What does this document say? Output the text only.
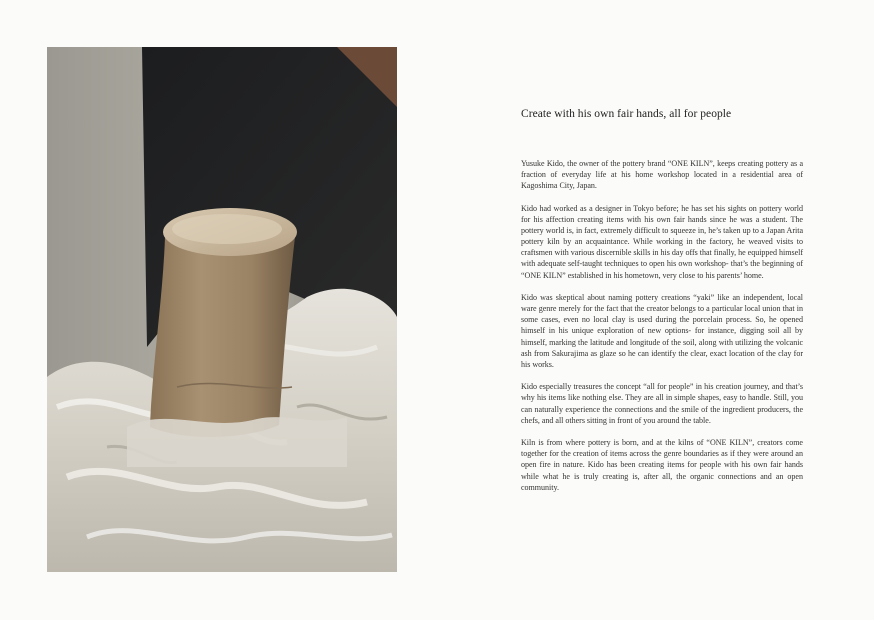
Create with his own fair hands, all for people

Yusuke Kido, the owner of the pottery brand “ONE KILN”, keeps creating pottery as a fraction of everyday life at his home workshop located in a residential area of Kagoshima City, Japan.

Kido had worked as a designer in Tokyo before; he has set his sights on pottery world for his affection creating items with his own fair hands since he was a student. The pottery world is, in fact, extremely difficult to squeeze in, he’s taken up to a Japan Arita pottery kiln by an acquaintance. While working in the factory, he weaved visits to craftsmen with various discernible skills in his day offs that finally, he equipped himself with adequate self-taught techniques to open his own workshop- that’s the beginning of “ONE KILN” established in his hometown, very close to his parents’ home.

Kido was skeptical about naming pottery creations “yaki” like an independent, local ware genre merely for the fact that the creator belongs to a particular local union that in some cases, even no local clay is used during the porcelain process. So, he opened himself in his unique exploration of new options- for instance, digging soil all by himself, marking the latitude and longitude of the soil, along with utilizing the volcanic ash from Sakurajima as glaze so he can identify the clear, exact location of the clay for his works.

Kido especially treasures the concept “all for people” in his creation journey, and that’s why his items like nothing else. They are all in simple shapes, easy to handle. Still, you can naturally experience the connections and the smile of the ingredient producers, the chefs, and all others sitting in front of you around the table.

Kiln is from where pottery is born, and at the kilns of “ONE KILN”, creators come together for the creation of items across the genre boundaries as if they were around an open fire in nature. Kido has been creating items for people with his own fair hands while what he is truly creating is, after all, the organic connections and an open community.
